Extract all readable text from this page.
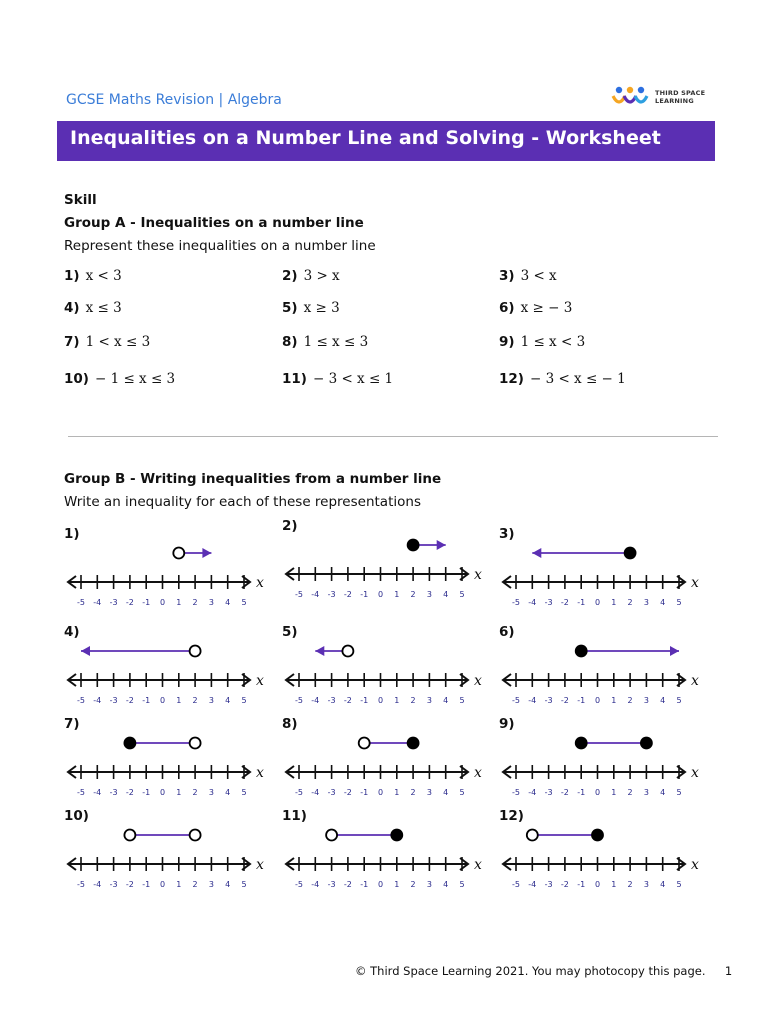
GCSE Maths Revision | Algebra	THIRD SPACE
LEARNING
Inequalities on a Number Line and Solving - Worksheet
Skill
Group A - Inequalities on a number line
Represent these inequalities on a number line
1) x < 3	2) 3 > x	3) 3 < x
4) x ≤ 3	5) x ≥ 3	6) x ≥ − 3
7) 1 < x ≤ 3	8) 1 ≤ x ≤ 3	9) 1 ≤ x < 3
10) − 1 ≤ x ≤ 3	11) − 3 < x ≤ 1	12) − 3 < x ≤ − 1
Group B - Writing inequalities from a number line
Write an inequality for each of these representations
1)
x
-5 -4 -3 -2 -1 0 1 2 3 4 5
2)
x
-5 -4 -3 -2 -1 0 1 2 3 4 5
3)
x
-5 -4 -3 -2 -1 0 1 2 3 4 5
4)
x
-5 -4 -3 -2 -1 0 1 2 3 4 5
5)
x
-5 -4 -3 -2 -1 0 1 2 3 4 5
6)
x
-5 -4 -3 -2 -1 0 1 2 3 4 5
7)
x
-5 -4 -3 -2 -1 0 1 2 3 4 5
8)
x
-5 -4 -3 -2 -1 0 1 2 3 4 5
9)
x
-5 -4 -3 -2 -1 0 1 2 3 4 5
10)
x
-5 -4 -3 -2 -1 0 1 2 3 4 5
11)
x
-5 -4 -3 -2 -1 0 1 2 3 4 5
12)
x
-5 -4 -3 -2 -1 0 1 2 3 4 5
© Third Space Learning 2021. You may photocopy this page. 1
